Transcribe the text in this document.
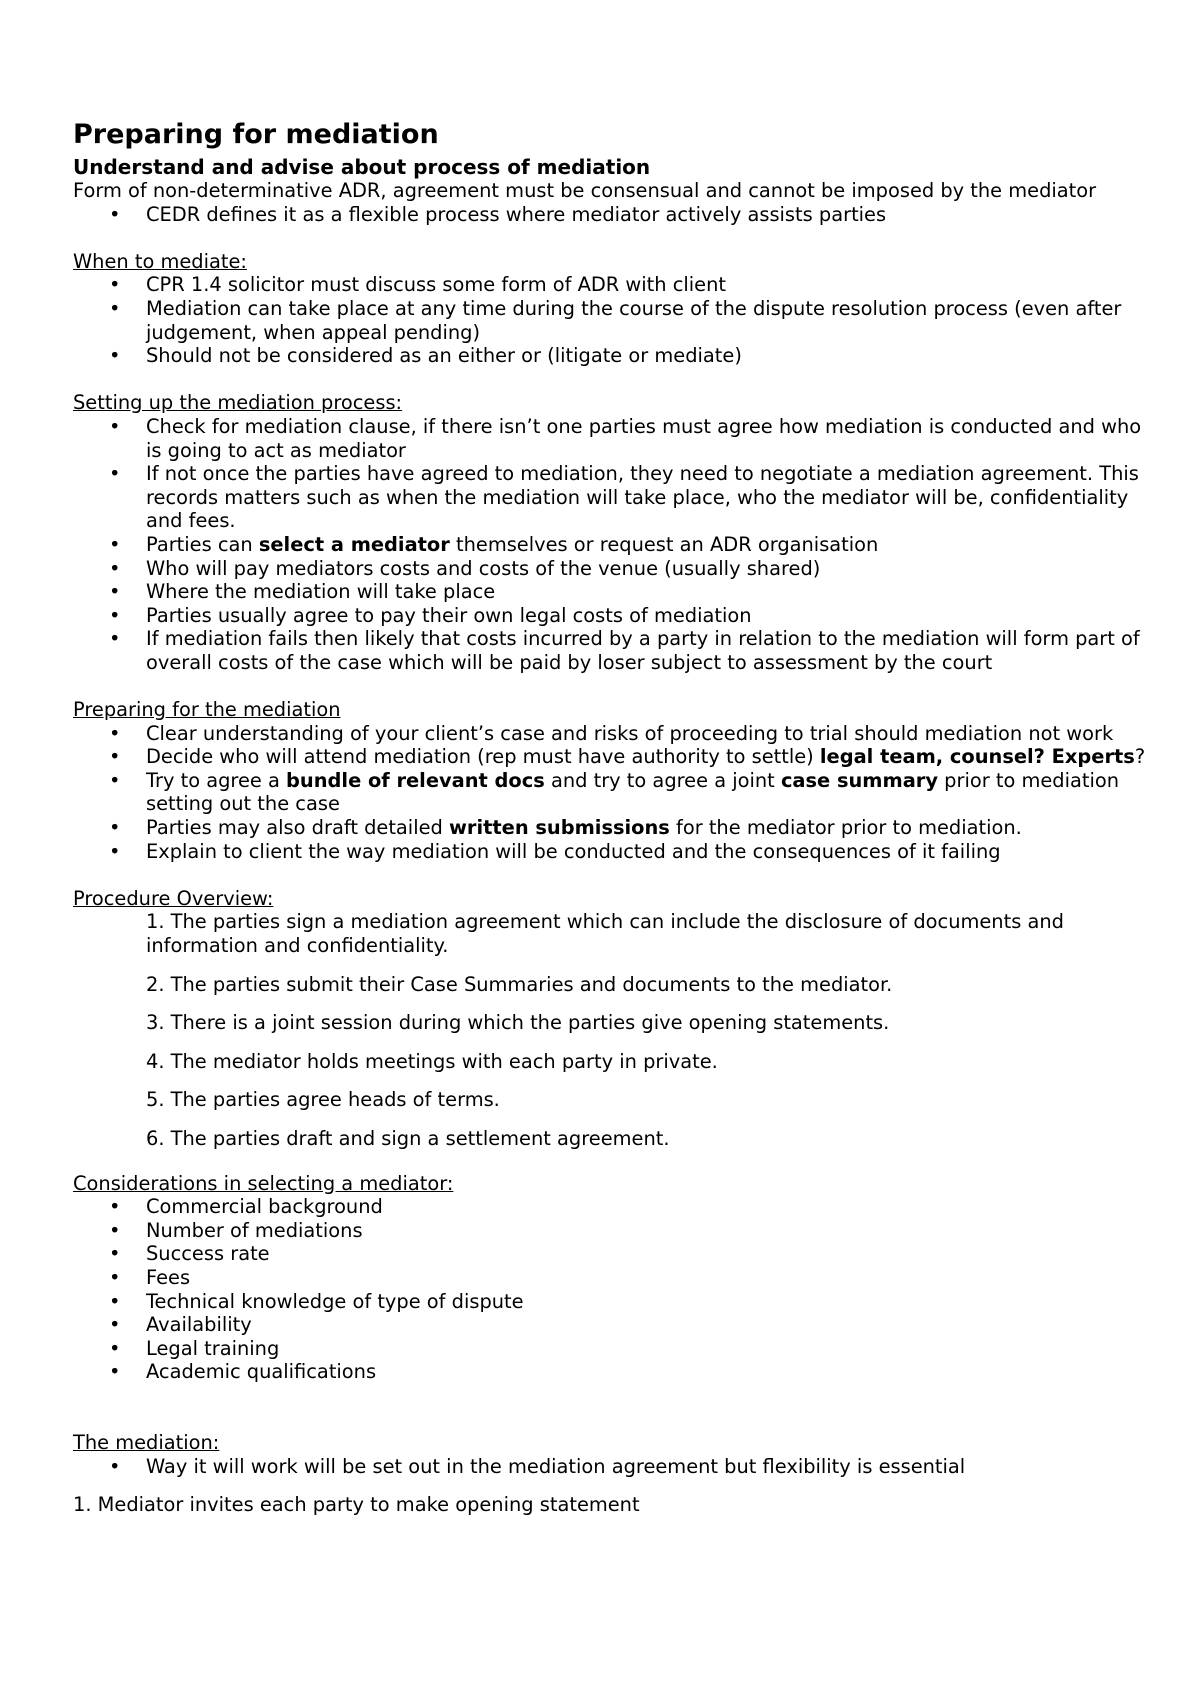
Preparing for mediation
Understand and advise about process of mediation

Form of non-determinative ADR, agreement must be consensual and cannot be imposed by the mediator

• CEDR defines it as a flexible process where mediator actively assists parties

When to mediate:

• CPR 1.4 solicitor must discuss some form of ADR with client
• Mediation can take place at any time during the course of the dispute resolution process (even after judgement, when appeal pending)
• Should not be considered as an either or (litigate or mediate)

Setting up the mediation process:

• Check for mediation clause, if there isn’t one parties must agree how mediation is conducted and who is going to act as mediator
• If not once the parties have agreed to mediation, they need to negotiate a mediation agreement. This records matters such as when the mediation will take place, who the mediator will be, confidentiality and fees.
• Parties can select a mediator themselves or request an ADR organisation
• Who will pay mediators costs and costs of the venue (usually shared)
• Where the mediation will take place
• Parties usually agree to pay their own legal costs of mediation
• If mediation fails then likely that costs incurred by a party in relation to the mediation will form part of overall costs of the case which will be paid by loser subject to assessment by the court

Preparing for the mediation

• Clear understanding of your client’s case and risks of proceeding to trial should mediation not work
• Decide who will attend mediation (rep must have authority to settle) legal team, counsel? Experts?
• Try to agree a bundle of relevant docs and try to agree a joint case summary prior to mediation setting out the case
• Parties may also draft detailed written submissions for the mediator prior to mediation.
• Explain to client the way mediation will be conducted and the consequences of it failing

Procedure Overview:

1. The parties sign a mediation agreement which can include the disclosure of documents and information and confidentiality.

2. The parties submit their Case Summaries and documents to the mediator.

3. There is a joint session during which the parties give opening statements.

4. The mediator holds meetings with each party in private.

5. The parties agree heads of terms.

6. The parties draft and sign a settlement agreement.

Considerations in selecting a mediator:

• Commercial background
• Number of mediations
• Success rate
• Fees
• Technical knowledge of type of dispute
• Availability
• Legal training
• Academic qualifications

The mediation:

• Way it will work will be set out in the mediation agreement but flexibility is essential

1. Mediator invites each party to make opening statement
